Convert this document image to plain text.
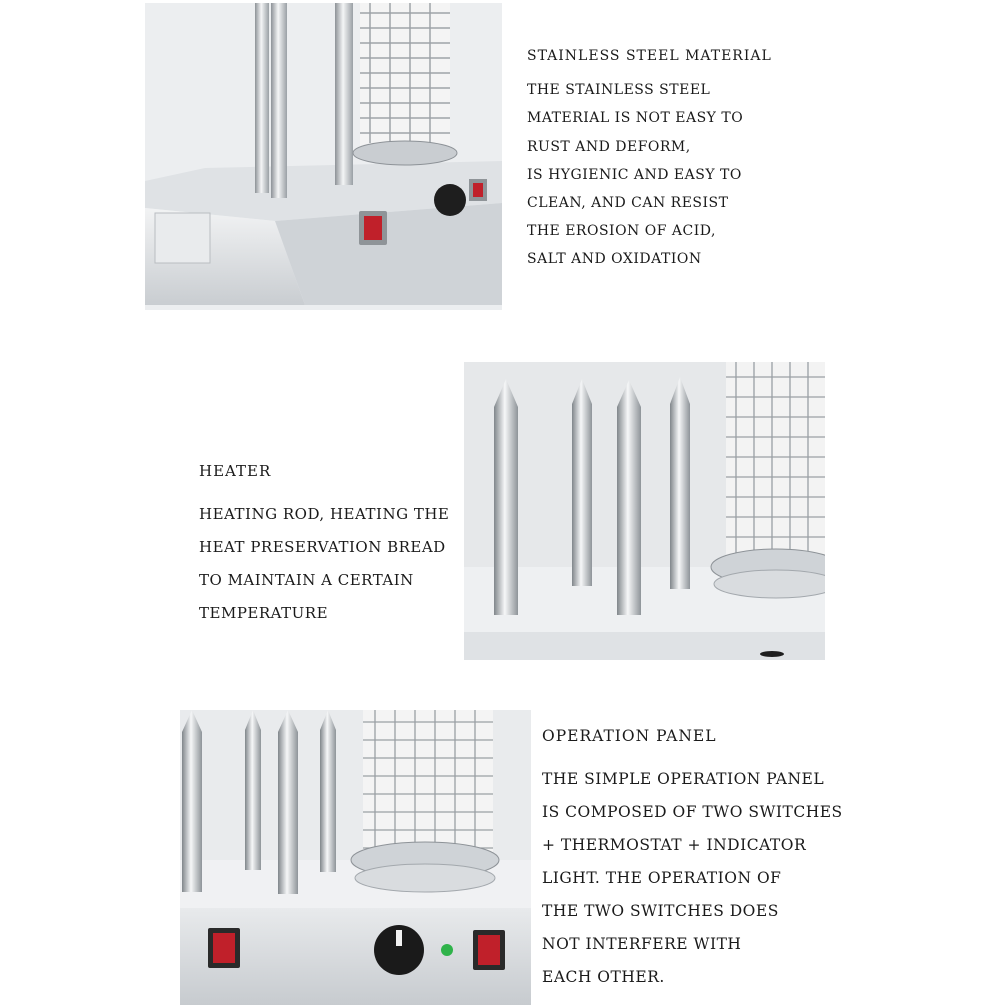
STAINLESS STEEL MATERIAL
THE STAINLESS STEEL
MATERIAL IS NOT EASY TO
RUST AND DEFORM,
IS HYGIENIC AND EASY TO
CLEAN, AND CAN RESIST
THE EROSION OF ACID,
SALT AND OXIDATION
HEATER
HEATING ROD, HEATING THE
HEAT PRESERVATION BREAD
TO MAINTAIN A CERTAIN
TEMPERATURE
OPERATION PANEL
THE SIMPLE OPERATION PANEL
IS COMPOSED OF TWO SWITCHES
+ THERMOSTAT + INDICATOR
LIGHT. THE OPERATION OF
THE TWO SWITCHES DOES
NOT INTERFERE WITH
EACH OTHER.
